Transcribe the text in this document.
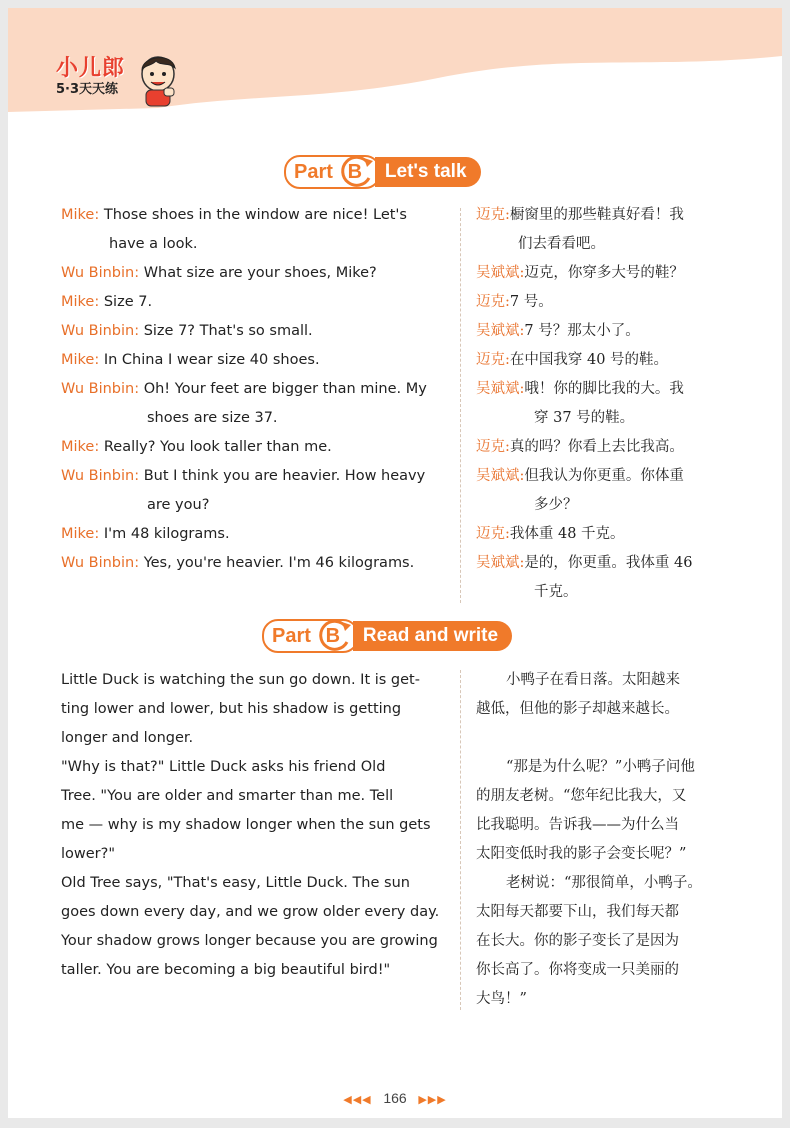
小儿郎
5·3天天练
Part B	Let's talk
Mike: Those shoes in the window are nice! Let's
have a look.
Wu Binbin: What size are your shoes, Mike?
Mike: Size 7.
Wu Binbin: Size 7? That's so small.
Mike: In China I wear size 40 shoes.
Wu Binbin: Oh! Your feet are bigger than mine. My
shoes are size 37.
Mike: Really? You look taller than me.
Wu Binbin: But I think you are heavier. How heavy
are you?
Mike: I'm 48 kilograms.
Wu Binbin: Yes, you're heavier. I'm 46 kilograms.
迈克:橱窗里的那些鞋真好看！我
们去看看吧。
吴斌斌:迈克，你穿多大号的鞋？
迈克:7 号。
吴斌斌:7 号？那太小了。
迈克:在中国我穿 40 号的鞋。
吴斌斌:哦！你的脚比我的大。我
穿 37 号的鞋。
迈克:真的吗？你看上去比我高。
吴斌斌:但我认为你更重。你体重
多少？
迈克:我体重 48 千克。
吴斌斌:是的，你更重。我体重 46
千克。
Part B	Read and write
Little Duck is watching the sun go down. It is get-
ting lower and lower, but his shadow is getting
longer and longer.
"Why is that?" Little Duck asks his friend Old
Tree. "You are older and smarter than me. Tell
me — why is my shadow longer when the sun gets
lower?"
Old Tree says, "That's easy, Little Duck. The sun
goes down every day, and we grow older every day.
Your shadow grows longer because you are growing
taller. You are becoming a big beautiful bird!"
小鸭子在看日落。太阳越来
越低，但他的影子却越来越长。
“那是为什么呢？”小鸭子问他
的朋友老树。“您年纪比我大，又
比我聪明。告诉我——为什么当
太阳变低时我的影子会变长呢？”
老树说：“那很简单，小鸭子。
太阳每天都要下山，我们每天都
在长大。你的影子变长了是因为
你长高了。你将变成一只美丽的
大鸟！”
◀◀◀ 166 ▶▶▶
